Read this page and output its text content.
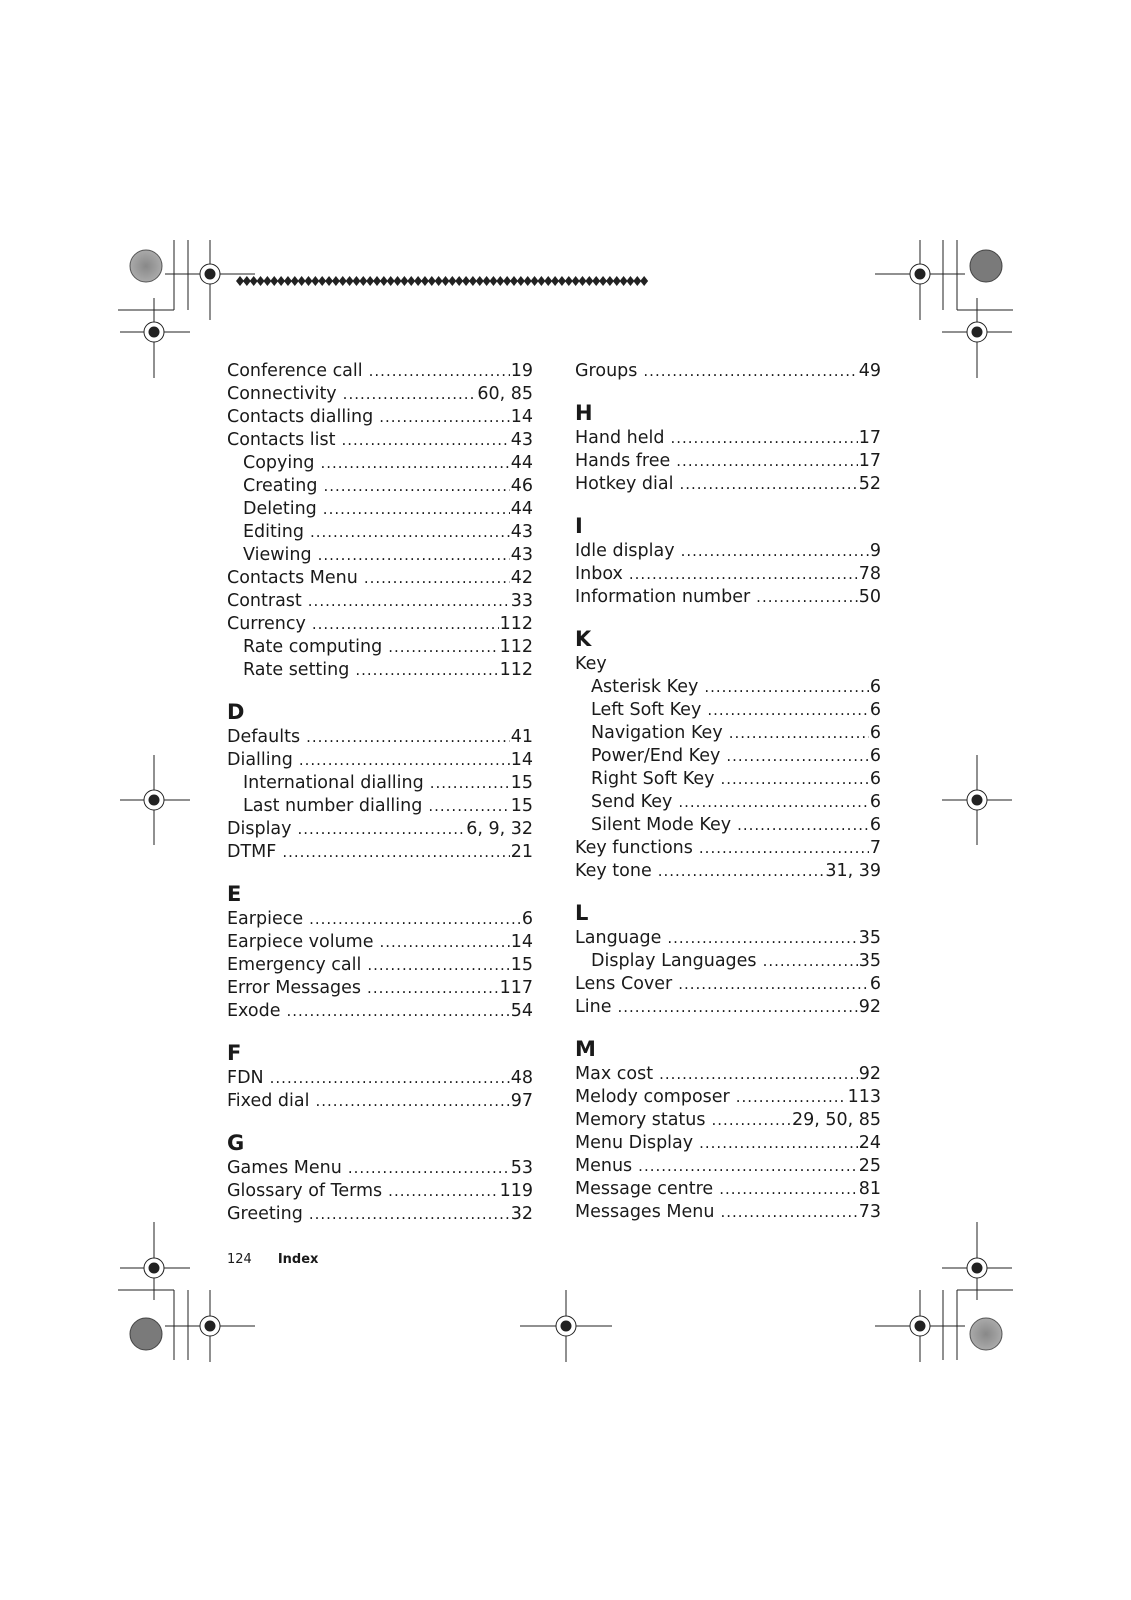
Conference call .....	19
Connectivity .....	60, 85
Contacts dialling .....	14
Contacts list .....	43
Copying .....	44
Creating .....	46
Deleting .....	44
Editing .....	43
Viewing .....	43
Contacts Menu .....	42
Contrast .....	33
Currency .....	112
Rate computing .....	112
Rate setting .....	112
D
Defaults .....	41
Dialling .....	14
International dialling .....	15
Last number dialling .....	15
Display .....	6, 9, 32
DTMF .....	21
E
Earpiece .....	6
Earpiece volume .....	14
Emergency call .....	15
Error Messages .....	117
Exode .....	54
F
FDN .....	48
Fixed dial .....	97
G
Games Menu .....	53
Glossary of Terms .....	119
Greeting .....	32
Groups .....	49
H
Hand held .....	17
Hands free .....	17
Hotkey dial .....	52
I
Idle display .....	9
Inbox .....	78
Information number .....	50
K
Key
Asterisk Key .....	6
Left Soft Key .....	6
Navigation Key .....	6
Power/End Key .....	6
Right Soft Key .....	6
Send Key .....	6
Silent Mode Key .....	6
Key functions .....	7
Key tone .....	31, 39
L
Language .....	35
Display Languages .....	35
Lens Cover .....	6
Line .....	92
M
Max cost .....	92
Melody composer .....	113
Memory status .....	29, 50, 85
Menu Display .....	24
Menus .....	25
Message centre .....	81
Messages Menu .....	73
124 Index
